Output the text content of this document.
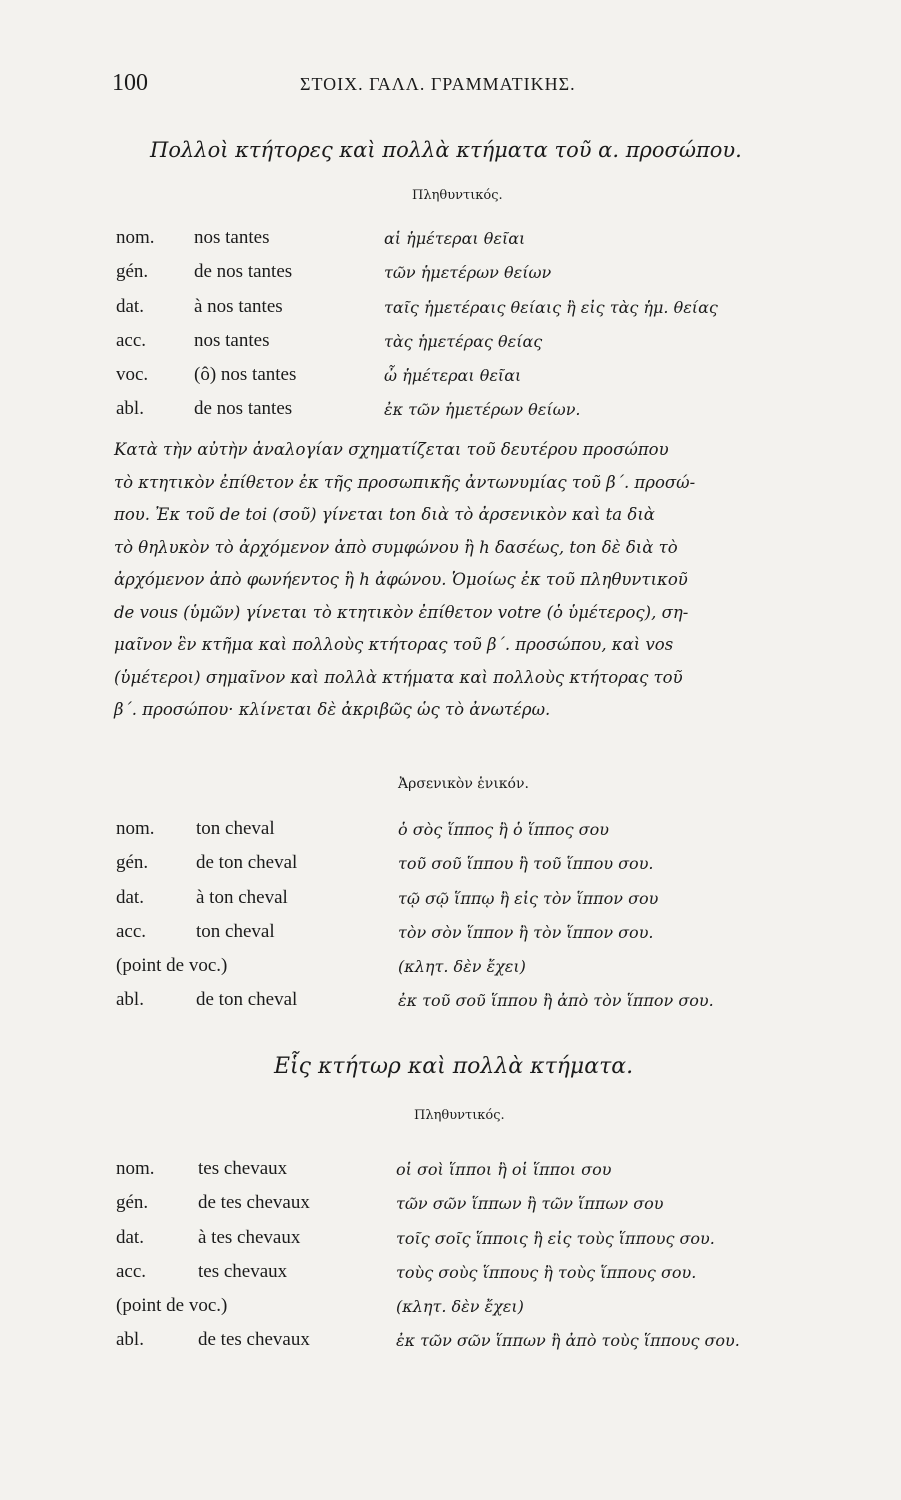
100	ΣΤΟΙΧ. ΓΑΛΛ. ΓΡΑΜΜΑΤΙΚΗΣ.
Πολλοὶ κτήτορες καὶ πολλὰ κτήματα τοῦ α. προσώπου.
Πληθυντικός.
nom. nos tantes	αἱ ἡμέτεραι θεῖαι
gén. de nos tantes	τῶν ἡμετέρων θείων
dat.	à nos tantes	ταῖς ἡμετέραις θείαις ἢ εἰς τὰς ἡμ. θείας
acc.	nos tantes	τὰς ἡμετέρας θείας
voc. (ô) nos tantes	ὦ ἡμέτεραι θεῖαι
abl.	de nos tantes	ἐκ τῶν ἡμετέρων θείων.
Κατὰ τὴν αὐτὴν ἀναλογίαν σχηματίζεται τοῦ δευτέρου προσώπου
τὸ κτητικὸν ἐπίθετον ἐκ τῆς προσωπικῆς ἀντωνυμίας τοῦ β΄. προσώ-
που. Ἐκ τοῦ de toi (σοῦ) γίνεται ton διὰ τὸ ἀρσενικὸν καὶ ta διὰ
τὸ θηλυκὸν τὸ ἀρχόμενον ἀπὸ συμφώνου ἢ h δασέως, ton δὲ διὰ τὸ
ἀρχόμενον ἀπὸ φωνήεντος ἢ h ἀφώνου. Ὁμοίως ἐκ τοῦ πληθυντικοῦ
de vous (ὑμῶν) γίνεται τὸ κτητικὸν ἐπίθετον votre (ὁ ὑμέτερος), ση-
μαῖνον ἓν κτῆμα καὶ πολλοὺς κτήτορας τοῦ β΄. προσώπου, καὶ vos
(ὑμέτεροι) σημαῖνον καὶ πολλὰ κτήματα καὶ πολλοὺς κτήτορας τοῦ
β΄. προσώπου· κλίνεται δὲ ἀκριβῶς ὡς τὸ ἀνωτέρω.
Ἀρσενικὸν ἑνικόν.
nom. ton cheval	ὁ σὸς ἵππος ἢ ὁ ἵππος σου
gén.	de ton cheval	τοῦ σοῦ ἵππου ἢ τοῦ ἵππου σου.
dat.	à ton cheval	τῷ σῷ ἵππῳ ἢ εἰς τὸν ἵππον σου
acc.	ton cheval	τὸν σὸν ἵππον ἢ τὸν ἵππον σου.
(point de voc.)	(κλητ. δὲν ἔχει)
abl.	de ton cheval	ἐκ τοῦ σοῦ ἵππου ἢ ἀπὸ τὸν ἵππον σου.
Εἷς κτήτωρ καὶ πολλὰ κτήματα.
Πληθυντικός.
nom. tes chevaux	οἱ σοὶ ἵπποι ἢ οἱ ἵπποι σου
gén.	de tes chevaux	τῶν σῶν ἵππων ἢ τῶν ἵππων σου
dat.	à tes chevaux	τοῖς σοῖς ἵπποις ἢ εἰς τοὺς ἵππους σου.
acc.	tes chevaux	τοὺς σοὺς ἵππους ἢ τοὺς ἵππους σου.
(point de voc.)	(κλητ. δὲν ἔχει)
abl.	de tes chevaux	ἐκ τῶν σῶν ἵππων ἢ ἀπὸ τοὺς ἵππους σου.
